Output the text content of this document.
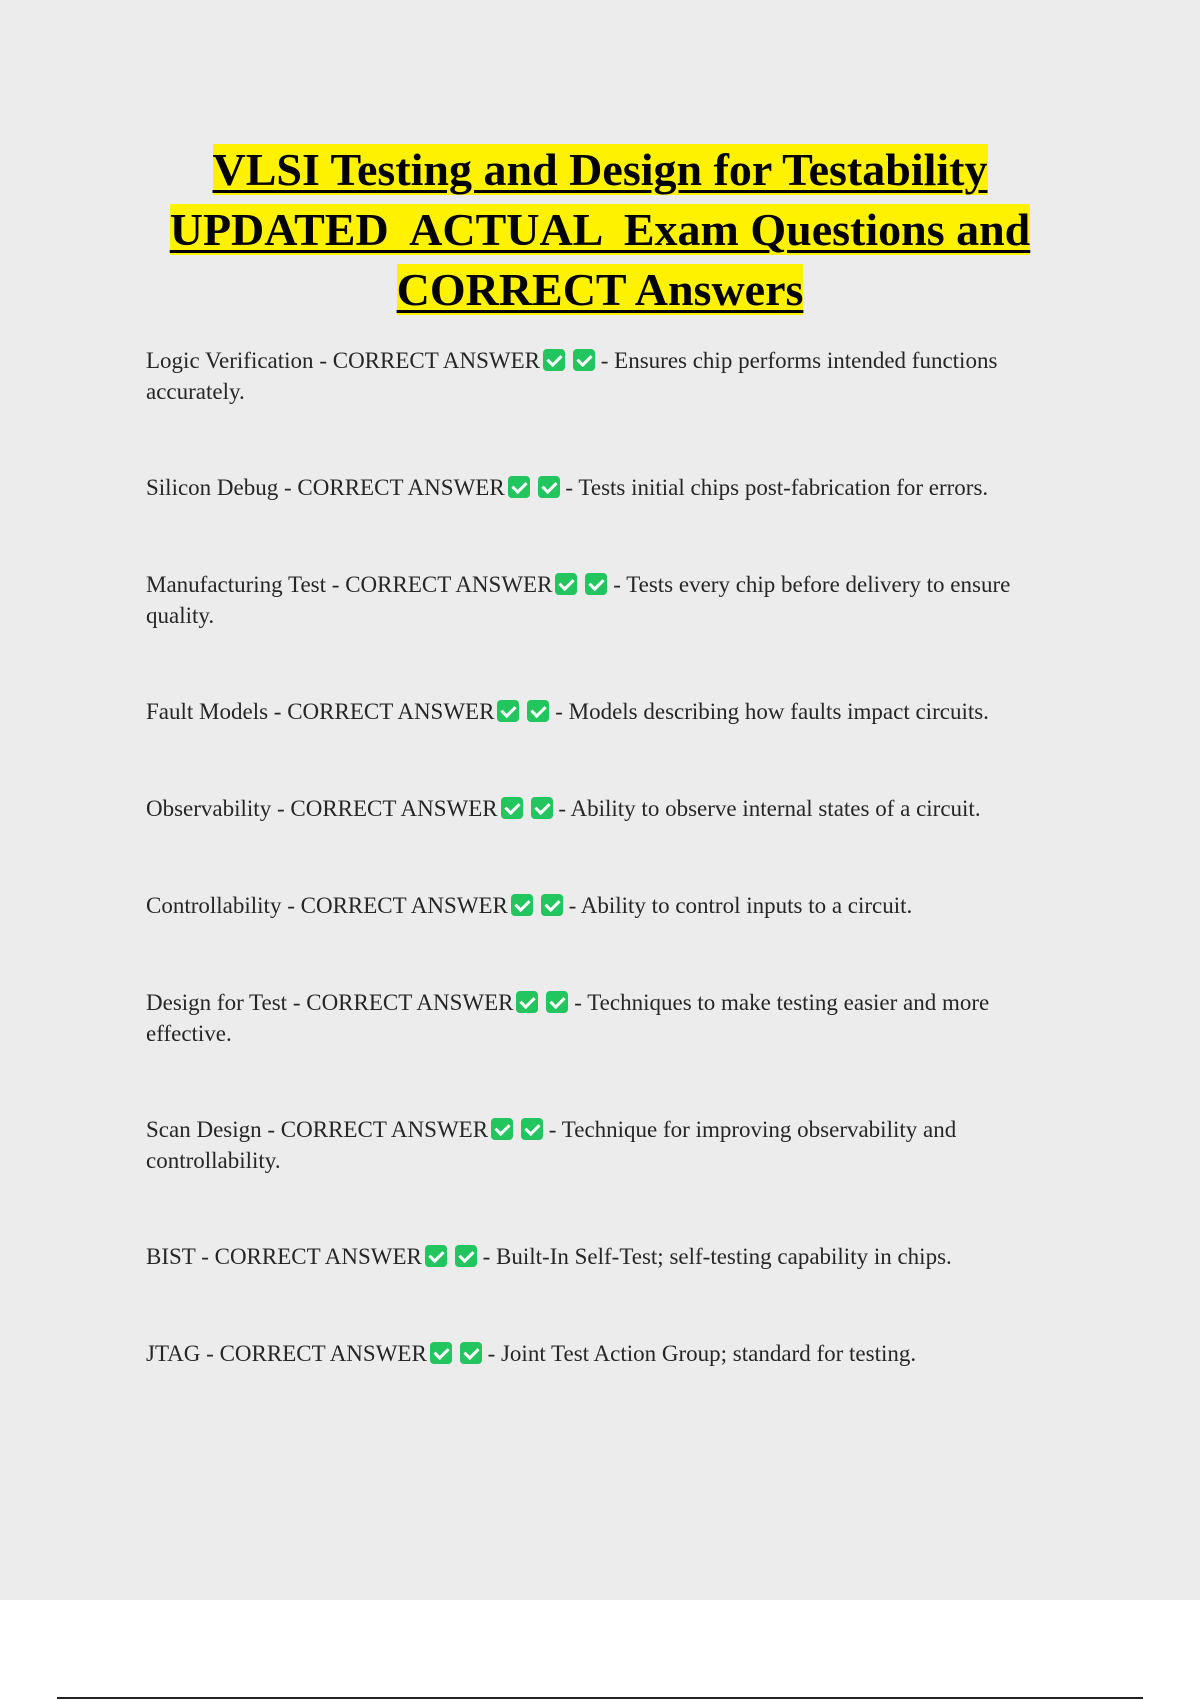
VLSI Testing and Design for Testability
UPDATED  ACTUAL  Exam Questions and
CORRECT Answers
Logic Verification - CORRECT ANSWER - Ensures chip performs intended functions accurately.
Silicon Debug - CORRECT ANSWER - Tests initial chips post-fabrication for errors.
Manufacturing Test - CORRECT ANSWER - Tests every chip before delivery to ensure quality.
Fault Models - CORRECT ANSWER - Models describing how faults impact circuits.
Observability - CORRECT ANSWER - Ability to observe internal states of a circuit.
Controllability - CORRECT ANSWER - Ability to control inputs to a circuit.
Design for Test - CORRECT ANSWER - Techniques to make testing easier and more effective.
Scan Design - CORRECT ANSWER - Technique for improving observability and controllability.
BIST - CORRECT ANSWER - Built-In Self-Test; self-testing capability in chips.
JTAG - CORRECT ANSWER - Joint Test Action Group; standard for testing.
